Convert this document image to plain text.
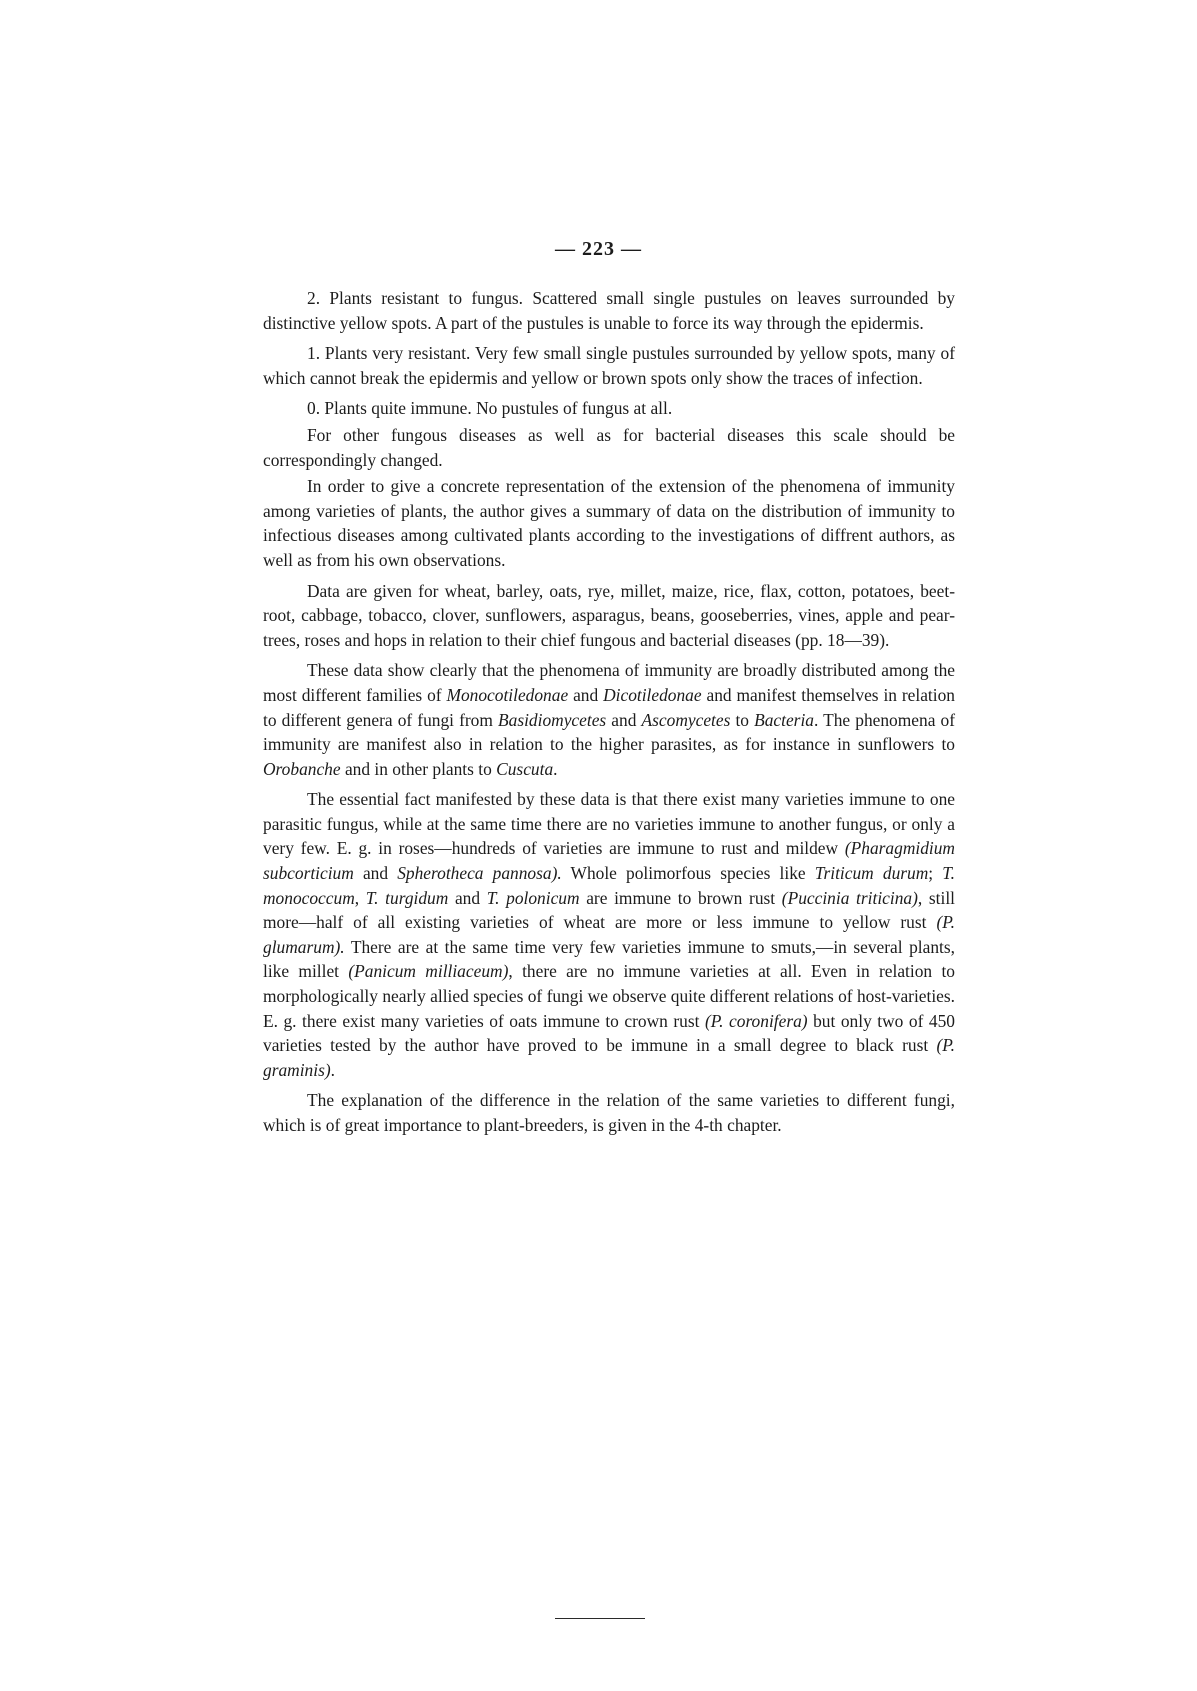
— 223 —

2. Plants resistant to fungus. Scattered small single pustules on leaves surrounded by distinctive yellow spots. A part of the pustules is unable to force its way through the epidermis.

1. Plants very resistant. Very few small single pustules surrounded by yellow spots, many of which cannot break the epidermis and yellow or brown spots only show the traces of infection.

0. Plants quite immune. No pustules of fungus at all.

For other fungous diseases as well as for bacterial diseases this scale should be correspondingly changed.

In order to give a concrete representation of the extension of the phenomena of immunity among varieties of plants, the author gives a summary of data on the distribution of immunity to infectious diseases among cultivated plants according to the investigations of diffrent authors, as well as from his own observations.

Data are given for wheat, barley, oats, rye, millet, maize, rice, flax, cotton, potatoes, beet-root, cabbage, tobacco, clover, sunflowers, asparagus, beans, gooseberries, vines, apple and pear-trees, roses and hops in relation to their chief fungous and bacterial diseases (pp. 18—39).

These data show clearly that the phenomena of immunity are broadly distributed among the most different families of Monocotiledonae and Dicotiledonae and manifest themselves in relation to different genera of fungi from Basidiomycetes and Ascomycetes to Bacteria. The phenomena of immunity are manifest also in relation to the higher parasites, as for instance in sunflowers to Orobanche and in other plants to Cuscuta.

The essential fact manifested by these data is that there exist many varieties immune to one parasitic fungus, while at the same time there are no varieties immune to another fungus, or only a very few. E. g. in roses—hundreds of varieties are immune to rust and mildew (Pharagmidium subcorticium and Spherotheca pannosa). Whole polimorfous species like Triticum durum; T. monococcum, T. turgidum and T. polonicum are immune to brown rust (Puccinia triticina), still more—half of all existing varieties of wheat are more or less immune to yellow rust (P. glumarum). There are at the same time very few varieties immune to smuts,—in several plants, like millet (Panicum milliaceum), there are no immune varieties at all. Even in relation to morphologically nearly allied species of fungi we observe quite different relations of host-varieties. E. g. there exist many varieties of oats immune to crown rust (P. coronifera) but only two of 450 varieties tested by the author have proved to be immune in a small degree to black rust (P. graminis).

The explanation of the difference in the relation of the same varieties to different fungi, which is of great importance to plant-breeders, is given in the 4-th chapter.
